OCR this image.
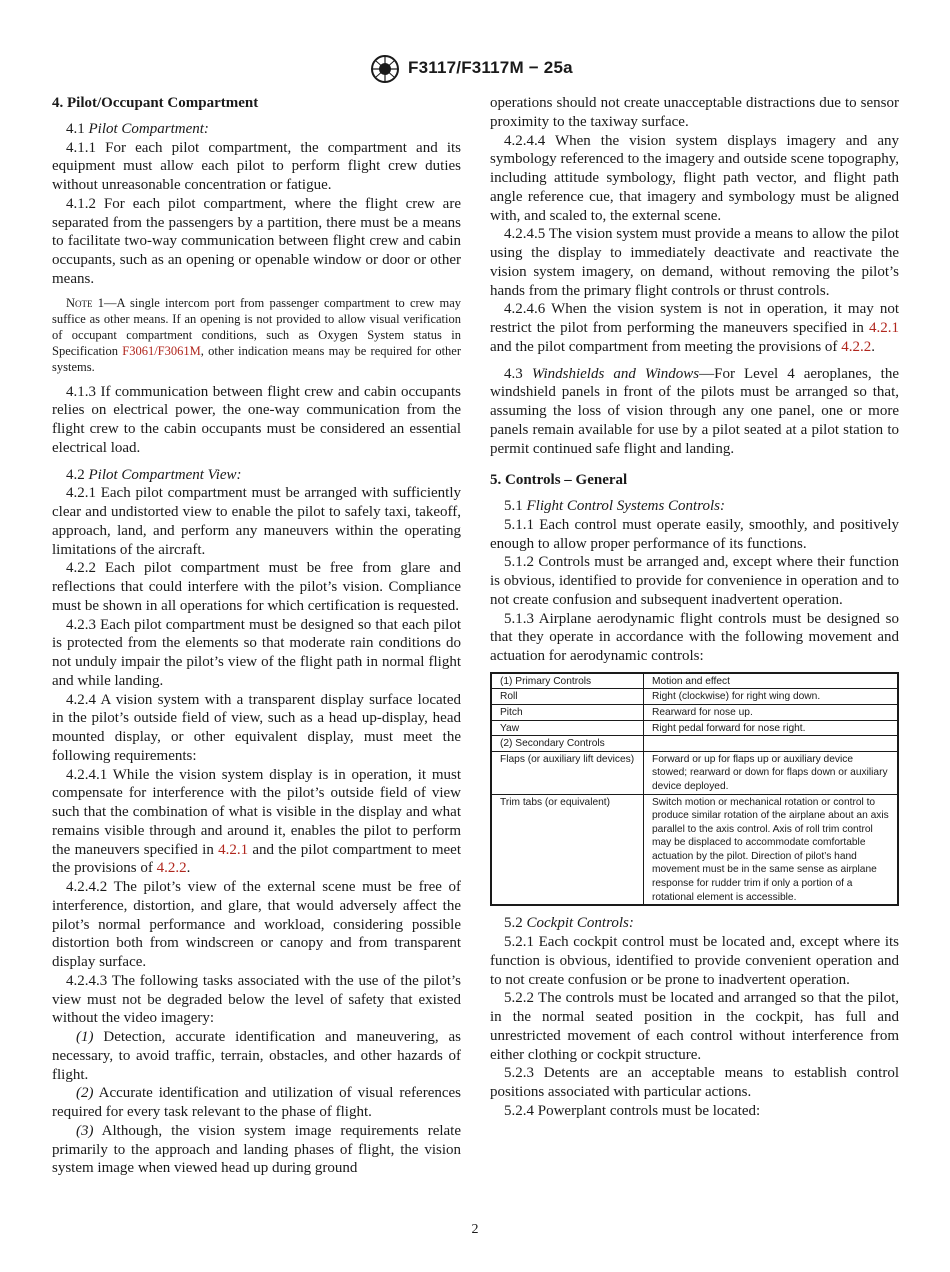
F3117/F3117M − 25a

4. Pilot/Occupant Compartment

4.1 Pilot Compartment:

4.1.1 For each pilot compartment, the compartment and its equipment must allow each pilot to perform flight crew duties without unreasonable concentration or fatigue.

4.1.2 For each pilot compartment, where the flight crew are separated from the passengers by a partition, there must be a means to facilitate two-way communication between flight crew and cabin occupants, such as an opening or openable window or door or other means.

Note 1—A single intercom port from passenger compartment to crew may suffice as other means. If an opening is not provided to allow visual verification of occupant compartment conditions, such as Oxygen System status in Specification F3061/F3061M, other indication means may be required for other systems.

4.1.3 If communication between flight crew and cabin occupants relies on electrical power, the one-way communication from the flight crew to the cabin occupants must be considered an essential electrical load.

4.2 Pilot Compartment View:

4.2.1 Each pilot compartment must be arranged with sufficiently clear and undistorted view to enable the pilot to safely taxi, takeoff, approach, land, and perform any maneuvers within the operating limitations of the aircraft.

4.2.2 Each pilot compartment must be free from glare and reflections that could interfere with the pilot’s vision. Compliance must be shown in all operations for which certification is requested.

4.2.3 Each pilot compartment must be designed so that each pilot is protected from the elements so that moderate rain conditions do not unduly impair the pilot’s view of the flight path in normal flight and while landing.

4.2.4 A vision system with a transparent display surface located in the pilot’s outside field of view, such as a head up-display, head mounted display, or other equivalent display, must meet the following requirements:

4.2.4.1 While the vision system display is in operation, it must compensate for interference with the pilot’s outside field of view such that the combination of what is visible in the display and what remains visible through and around it, enables the pilot to perform the maneuvers specified in 4.2.1 and the pilot compartment to meet the provisions of 4.2.2.

4.2.4.2 The pilot’s view of the external scene must be free of interference, distortion, and glare, that would adversely affect the pilot’s normal performance and workload, considering possible distortion both from windscreen or canopy and from transparent display surface.

4.2.4.3 The following tasks associated with the use of the pilot’s view must not be degraded below the level of safety that existed without the video imagery:

(1) Detection, accurate identification and maneuvering, as necessary, to avoid traffic, terrain, obstacles, and other hazards of flight.

(2) Accurate identification and utilization of visual references required for every task relevant to the phase of flight.

(3) Although, the vision system image requirements relate primarily to the approach and landing phases of flight, the vision system image when viewed head up during ground

operations should not create unacceptable distractions due to sensor proximity to the taxiway surface.

4.2.4.4 When the vision system displays imagery and any symbology referenced to the imagery and outside scene topography, including attitude symbology, flight path vector, and flight path angle reference cue, that imagery and symbology must be aligned with, and scaled to, the external scene.

4.2.4.5 The vision system must provide a means to allow the pilot using the display to immediately deactivate and reactivate the vision system imagery, on demand, without removing the pilot’s hands from the primary flight controls or thrust controls.

4.2.4.6 When the vision system is not in operation, it may not restrict the pilot from performing the maneuvers specified in 4.2.1 and the pilot compartment from meeting the provisions of 4.2.2.

4.3 Windshields and Windows—For Level 4 aeroplanes, the windshield panels in front of the pilots must be arranged so that, assuming the loss of vision through any one panel, one or more panels remain available for use by a pilot seated at a pilot station to permit continued safe flight and landing.

5. Controls – General

5.1 Flight Control Systems Controls:

5.1.1 Each control must operate easily, smoothly, and positively enough to allow proper performance of its functions.

5.1.2 Controls must be arranged and, except where their function is obvious, identified to provide for convenience in operation and to not create confusion and subsequent inadvertent operation.

5.1.3 Airplane aerodynamic flight controls must be designed so that they operate in accordance with the following movement and actuation for aerodynamic controls:

(1) Primary Controls	Motion and effect
Roll	Right (clockwise) for right wing down.
Pitch	Rearward for nose up.
Yaw	Right pedal forward for nose right.
(2) Secondary Controls	
Flaps (or auxiliary lift devices)	Forward or up for flaps up or auxiliary device stowed; rearward or down for flaps down or auxiliary device deployed.
Trim tabs (or equivalent)	Switch motion or mechanical rotation or control to produce similar rotation of the airplane about an axis parallel to the axis control. Axis of roll trim control may be displaced to accommodate comfortable actuation by the pilot. Direction of pilot’s hand movement must be in the same sense as airplane response for rudder trim if only a portion of a rotational element is accessible.

5.2 Cockpit Controls:

5.2.1 Each cockpit control must be located and, except where its function is obvious, identified to provide convenient operation and to not create confusion or be prone to inadvertent operation.

5.2.2 The controls must be located and arranged so that the pilot, in the normal seated position in the cockpit, has full and unrestricted movement of each control without interference from either clothing or cockpit structure.

5.2.3 Detents are an acceptable means to establish control positions associated with particular actions.

5.2.4 Powerplant controls must be located:

2
